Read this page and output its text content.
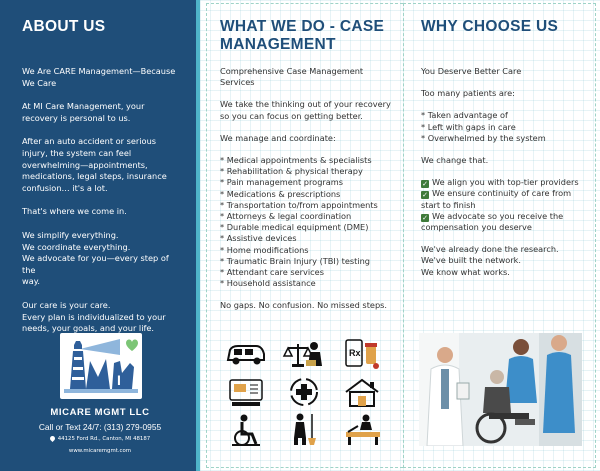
ABOUT US
We Are CARE Management—Because
We Care
At MI Care Management, your
recovery is personal to us.
After an auto accident or serious
injury, the system can feel
overwhelming—appointments,
medications, legal steps, insurance
confusion… it's a lot.
That's where we come in.
We simplify everything.
We coordinate everything.
We advocate for you—every step of the
way.
Our care is your care.
Every plan is individualized to your
needs, your goals, and your life.
I
MICARE MGMT LLC
Call or Text 24/7: (313) 279-0955
44125 Ford Rd., Canton, MI 48187
www.micaremgmt.com
WHAT WE DO - CASE
MANAGEMENT
Comprehensive Case Management
Services
We take the thinking out of your recovery
so you can focus on getting better.
We manage and coordinate:
* Medical appointments & specialists
* Rehabilitation & physical therapy
* Pain management programs
* Medications & prescriptions
* Transportation to/from appointments
* Attorneys & legal coordination
* Durable medical equipment (DME)
* Assistive devices
* Home modifications
* Traumatic Brain Injury (TBI) testing
* Attendant care services
* Household assistance
No gaps. No confusion. No missed steps.
Rx
WHY CHOOSE US
You Deserve Better Care
Too many patients are:
* Taken advantage of
* Left with gaps in care
* Overwhelmed by the system
We change that.
✓ We align you with top-tier providers
✓ We ensure continuity of care from
start to finish
✓ We advocate so you receive the
compensation you deserve
We've already done the research.
We've built the network.
We know what works.
